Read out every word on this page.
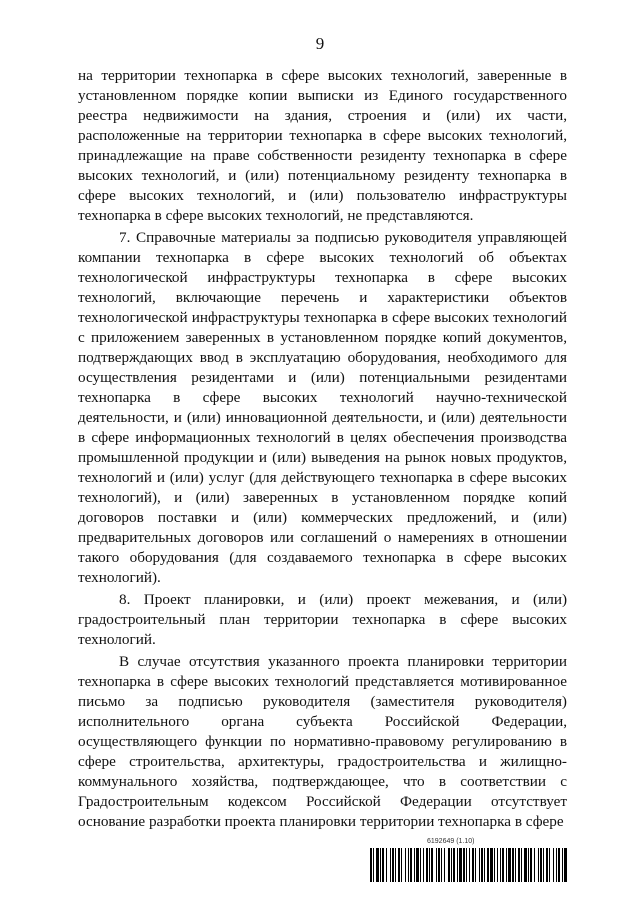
9

на территории технопарка в сфере высоких технологий, заверенные в установленном порядке копии выписки из Единого государственного реестра недвижимости на здания, строения и (или) их части, расположенные на территории технопарка в сфере высоких технологий, принадлежащие на праве собственности резиденту технопарка в сфере высоких технологий, и (или) потенциальному резиденту технопарка в сфере высоких технологий, и (или) пользователю инфраструктуры технопарка в сфере высоких технологий, не представляются.

7. Справочные материалы за подписью руководителя управляющей компании технопарка в сфере высоких технологий об объектах технологической инфраструктуры технопарка в сфере высоких технологий, включающие перечень и характеристики объектов технологической инфраструктуры технопарка в сфере высоких технологий с приложением заверенных в установленном порядке копий документов, подтверждающих ввод в эксплуатацию оборудования, необходимого для осуществления резидентами и (или) потенциальными резидентами технопарка в сфере высоких технологий научно-технической деятельности, и (или) инновационной деятельности, и (или) деятельности в сфере информационных технологий в целях обеспечения производства промышленной продукции и (или) выведения на рынок новых продуктов, технологий и (или) услуг (для действующего технопарка в сфере высоких технологий), и (или) заверенных в установленном порядке копий договоров поставки и (или) коммерческих предложений, и (или) предварительных договоров или соглашений о намерениях в отношении такого оборудования (для создаваемого технопарка в сфере высоких технологий).

8. Проект планировки, и (или) проект межевания, и (или) градостроительный план территории технопарка в сфере высоких технологий.

В случае отсутствия указанного проекта планировки территории технопарка в сфере высоких технологий представляется мотивированное письмо за подписью руководителя (заместителя руководителя) исполнительного органа субъекта Российской Федерации, осуществляющего функции по нормативно-правовому регулированию в сфере строительства, архитектуры, градостроительства и жилищно-коммунального хозяйства, подтверждающее, что в соответствии с Градостроительным кодексом Российской Федерации отсутствует основание разработки проекта планировки территории технопарка в сфере

6192649 (1.10)
